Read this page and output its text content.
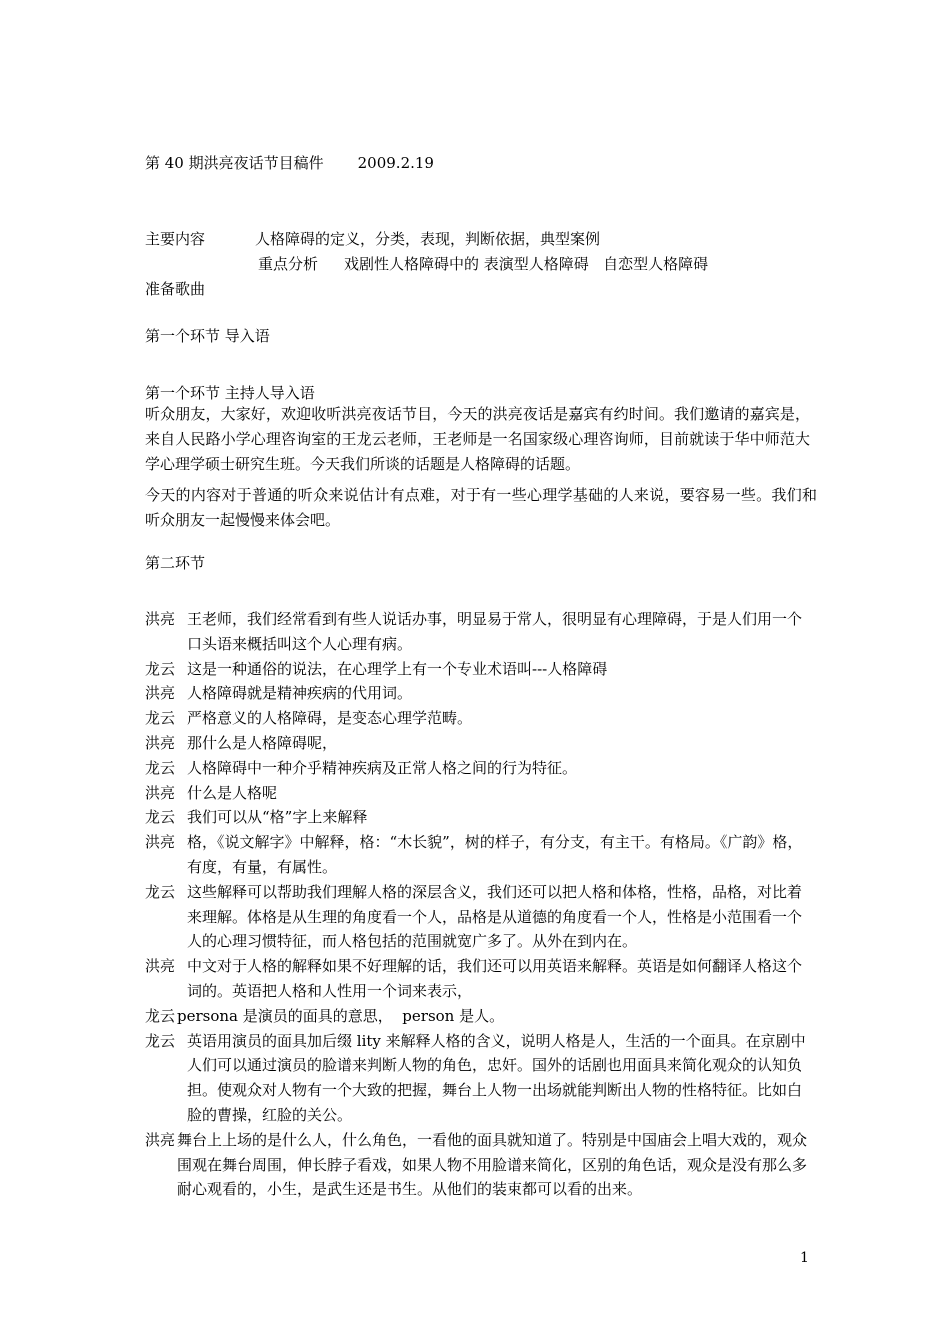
第 40 期洪亮夜话节目稿件 2009.2.19
主要内容	人格障碍的定义，分类，表现，判断依据，典型案例
重点分析 戏剧性人格障碍中的 表演型人格障碍   自恋型人格障碍
准备歌曲
第一个环节 导入语
第一个环节 主持人导入语
听众朋友，大家好，欢迎收听洪亮夜话节目，今天的洪亮夜话是嘉宾有约时间。我们邀请的嘉宾是，来自人民路小学心理咨询室的王龙云老师，王老师是一名国家级心理咨询师，目前就读于华中师范大学心理学硕士研究生班。今天我们所谈的话题是人格障碍的话题。
今天的内容对于普通的听众来说估计有点难，对于有一些心理学基础的人来说，要容易一些。我们和听众朋友一起慢慢来体会吧。
第二环节
洪亮 王老师，我们经常看到有些人说话办事，明显易于常人，很明显有心理障碍，于是人们用一个口头语来概括叫这个人心理有病。
龙云 这是一种通俗的说法，在心理学上有一个专业术语叫---人格障碍
洪亮 人格障碍就是精神疾病的代用词。
龙云 严格意义的人格障碍，是变态心理学范畴。
洪亮 那什么是人格障碍呢，
龙云 人格障碍中一种介乎精神疾病及正常人格之间的行为特征。
洪亮 什么是人格呢
龙云 我们可以从“格”字上来解释
洪亮 格，《说文解字》中解释，格：“木长貌”，树的样子，有分支，有主干。有格局。《广韵》格，有度，有量，有属性。
龙云 这些解释可以帮助我们理解人格的深层含义，我们还可以把人格和体格，性格，品格，对比着来理解。体格是从生理的角度看一个人，品格是从道德的角度看一个人，性格是小范围看一个人的心理习惯特征，而人格包括的范围就宽广多了。从外在到内在。
洪亮 中文对于人格的解释如果不好理解的话，我们还可以用英语来解释。英语是如何翻译人格这个词的。英语把人格和人性用一个词来表示，
龙云 persona 是演员的面具的意思，  person 是人。
龙云 英语用演员的面具加后缀 lity 来解释人格的含义，说明人格是人，生活的一个面具。在京剧中人们可以通过演员的脸谱来判断人物的角色，忠奸。国外的话剧也用面具来简化观众的认知负担。使观众对人物有一个大致的把握，舞台上人物一出场就能判断出人物的性格特征。比如白脸的曹操，红脸的关公。
洪亮 舞台上上场的是什么人，什么角色，一看他的面具就知道了。特别是中国庙会上唱大戏的，观众围观在舞台周围，伸长脖子看戏，如果人物不用脸谱来简化，区别的角色话，观众是没有那么多耐心观看的，小生，是武生还是书生。从他们的装束都可以看的出来。
1
